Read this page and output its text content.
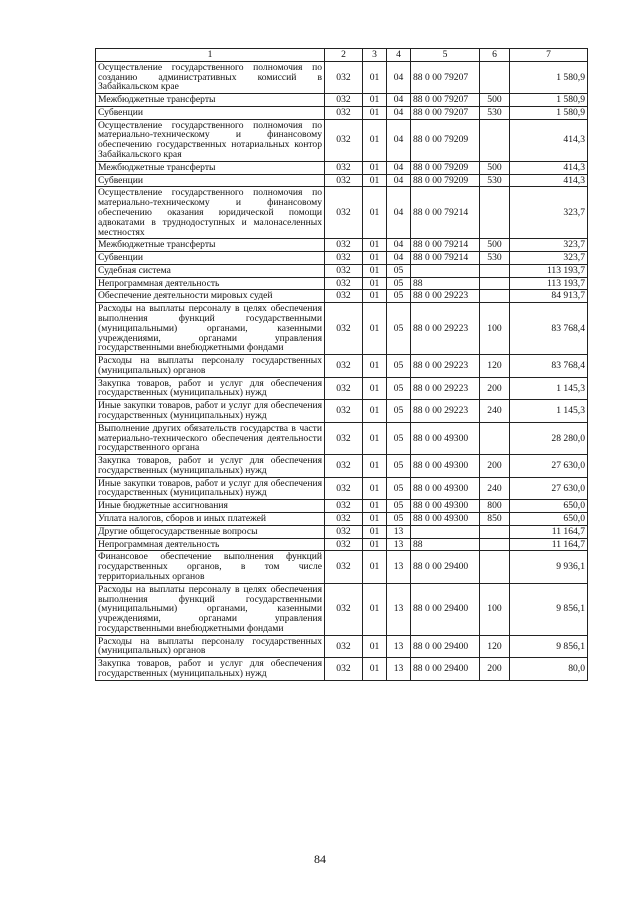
1	2	3	4	5	6	7
Осуществление государственного полномочия по созданию административных комиссий в Забайкальском крае	032	01	04	88 0 00 79207		1 580,9
Межбюджетные трансферты	032	01	04	88 0 00 79207	500	1 580,9
Субвенции	032	01	04	88 0 00 79207	530	1 580,9
Осуществление государственного полномочия по материально-техническому и финансовому обеспечению государственных нотариальных контор Забайкальского края	032	01	04	88 0 00 79209		414,3
Межбюджетные трансферты	032	01	04	88 0 00 79209	500	414,3
Субвенции	032	01	04	88 0 00 79209	530	414,3
Осуществление государственного полномочия по материально-техническому и финансовому обеспечению оказания юридической помощи адвокатами в труднодоступных и малонаселенных местностях	032	01	04	88 0 00 79214		323,7
Межбюджетные трансферты	032	01	04	88 0 00 79214	500	323,7
Субвенции	032	01	04	88 0 00 79214	530	323,7
Судебная система	032	01	05			113 193,7
Непрограммная деятельность	032	01	05	88		113 193,7
Обеспечение деятельности мировых судей	032	01	05	88 0 00 29223		84 913,7
Расходы на выплаты персоналу в целях обеспечения выполнения функций государственными (муниципальными) органами, казенными учреждениями, органами управления государственными внебюджетными фондами	032	01	05	88 0 00 29223	100	83 768,4
Расходы на выплаты персоналу государственных (муниципальных) органов	032	01	05	88 0 00 29223	120	83 768,4
Закупка товаров, работ и услуг для обеспечения государственных (муниципальных) нужд	032	01	05	88 0 00 29223	200	1 145,3
Иные закупки товаров, работ и услуг для обеспечения государственных (муниципальных) нужд	032	01	05	88 0 00 29223	240	1 145,3
Выполнение других обязательств государства в части материально-технического обеспечения деятельности государственного органа	032	01	05	88 0 00 49300		28 280,0
Закупка товаров, работ и услуг для обеспечения государственных (муниципальных) нужд	032	01	05	88 0 00 49300	200	27 630,0
Иные закупки товаров, работ и услуг для обеспечения государственных (муниципальных) нужд	032	01	05	88 0 00 49300	240	27 630,0
Иные бюджетные ассигнования	032	01	05	88 0 00 49300	800	650,0
Уплата налогов, сборов и иных платежей	032	01	05	88 0 00 49300	850	650,0
Другие общегосударственные вопросы	032	01	13			11 164,7
Непрограммная деятельность	032	01	13	88		11 164,7
Финансовое обеспечение выполнения функций государственных органов, в том числе территориальных органов	032	01	13	88 0 00 29400		9 936,1
Расходы на выплаты персоналу в целях обеспечения выполнения функций государственными (муниципальными) органами, казенными учреждениями, органами управления государственными внебюджетными фондами	032	01	13	88 0 00 29400	100	9 856,1
Расходы на выплаты персоналу государственных (муниципальных) органов	032	01	13	88 0 00 29400	120	9 856,1
Закупка товаров, работ и услуг для обеспечения государственных (муниципальных) нужд	032	01	13	88 0 00 29400	200	80,0
84
